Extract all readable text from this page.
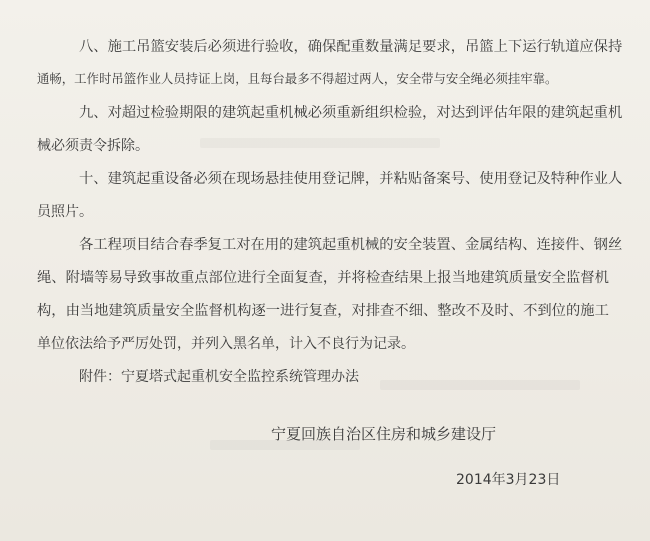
八、施工吊篮安装后必须进行验收，确保配重数量满足要求，吊篮上下运行轨道应保持
通畅，工作时吊篮作业人员持证上岗，且每台最多不得超过两人，安全带与安全绳必须挂牢靠。
九、对超过检验期限的建筑起重机械必须重新组织检验，对达到评估年限的建筑起重机
械必须责令拆除。
十、建筑起重设备必须在现场悬挂使用登记牌，并粘贴备案号、使用登记及特种作业人
员照片。
各工程项目结合春季复工对在用的建筑起重机械的安全装置、金属结构、连接件、钢丝
绳、附墙等易导致事故重点部位进行全面复查，并将检查结果上报当地建筑质量安全监督机
构，由当地建筑质量安全监督机构逐一进行复查，对排查不细、整改不及时、不到位的施工
单位依法给予严厉处罚，并列入黑名单，计入不良行为记录。
附件：宁夏塔式起重机安全监控系统管理办法
宁夏回族自治区住房和城乡建设厅
2014年3月23日
